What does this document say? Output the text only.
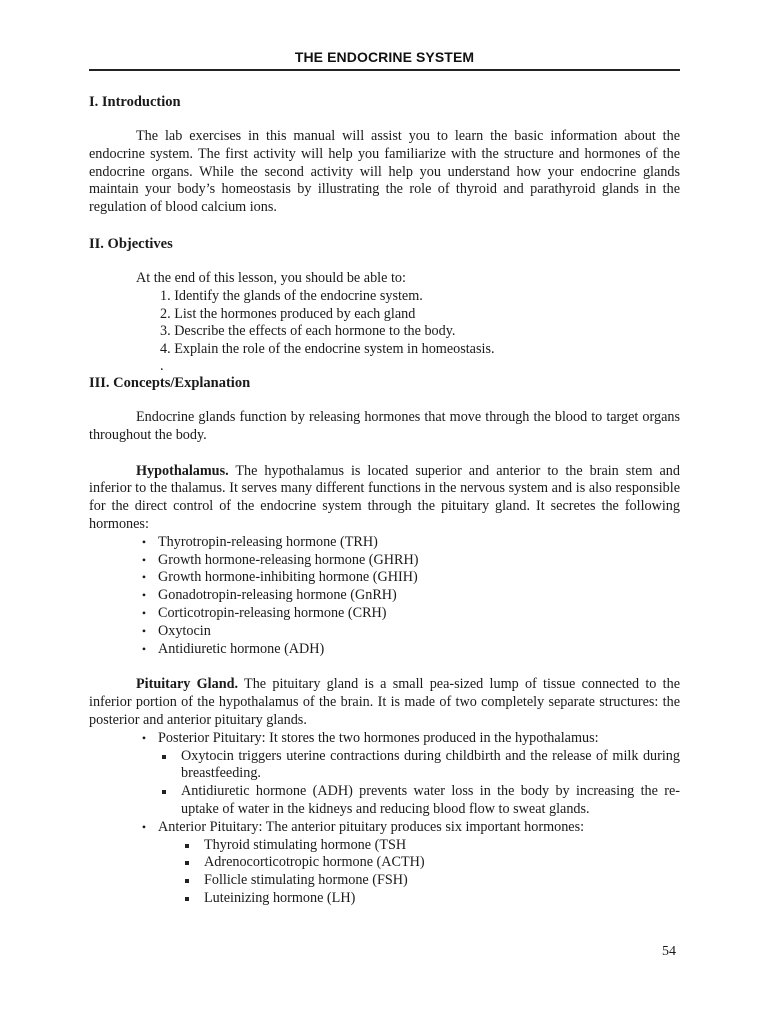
THE ENDOCRINE SYSTEM
I. Introduction

The lab exercises in this manual will assist you to learn the basic information about the endocrine system. The first activity will help you familiarize with the structure and hormones of the endocrine organs. While the second activity will help you understand how your endocrine glands maintain your body’s homeostasis by illustrating the role of thyroid and parathyroid glands in the regulation of blood calcium ions.

II. Objectives
At the end of this lesson, you should be able to:
1. Identify the glands of the endocrine system.
2. List the hormones produced by each gland
3. Describe the effects of each hormone to the body.
4. Explain the role of the endocrine system in homeostasis.
.
III. Concepts/Explanation

Endocrine glands function by releasing hormones that move through the blood to target organs throughout the body.

Hypothalamus. The hypothalamus is located superior and anterior to the brain stem and inferior to the thalamus. It serves many different functions in the nervous system and is also responsible for the direct control of the endocrine system through the pituitary gland. It secretes the following hormones:

• Thyrotropin-releasing hormone (TRH)
• Growth hormone-releasing hormone (GHRH)
• Growth hormone-inhibiting hormone (GHIH)
• Gonadotropin-releasing hormone (GnRH)
• Corticotropin-releasing hormone (CRH)
• Oxytocin
• Antidiuretic hormone (ADH)

Pituitary Gland. The pituitary gland is a small pea-sized lump of tissue connected to the inferior portion of the hypothalamus of the brain. It is made of two completely separate structures: the posterior and anterior pituitary glands.

• Posterior Pituitary: It stores the two hormones produced in the hypothalamus:
Oxytocin triggers uterine contractions during childbirth and the release of milk during breastfeeding.
Antidiuretic hormone (ADH) prevents water loss in the body by increasing the re-uptake of water in the kidneys and reducing blood flow to sweat glands.
• Anterior Pituitary: The anterior pituitary produces six important hormones:
Thyroid stimulating hormone (TSH
Adrenocorticotropic hormone (ACTH)
Follicle stimulating hormone (FSH)
Luteinizing hormone (LH)
54
